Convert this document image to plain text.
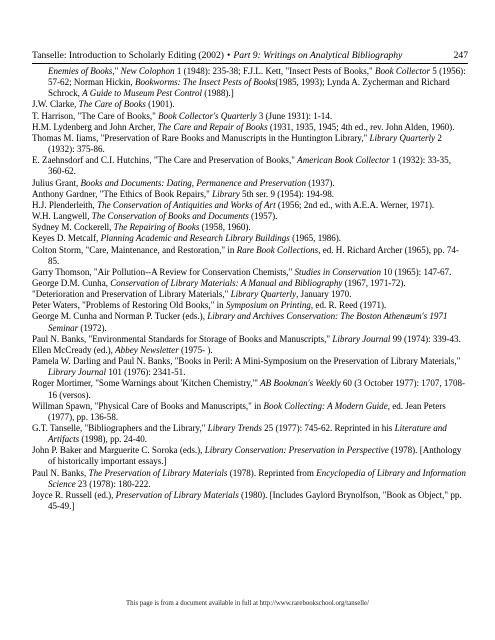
Tanselle: Introduction to Scholarly Editing (2002) • Part 9: Writings on Analytical Bibliography	247

Enemies of Books," New Colophon 1 (1948): 235-38; F.J.L. Kett, "Insect Pests of Books," Book Collector 5 (1956): 57-62; Norman Hickin, Bookworms: The Insect Pests of Books(1985, 1993); Lynda A. Zycherman and Richard Schrock, A Guide to Museum Pest Control (1988).]

J.W. Clarke, The Care of Books (1901).

T. Harrison, "The Care of Books," Book Collector's Quarterly 3 (June 1931): 1-14.

H.M. Lydenberg and John Archer, The Care and Repair of Books (1931, 1935, 1945; 4th ed., rev. John Alden, 1960).

Thomas M. Iiams, "Preservation of Rare Books and Manuscripts in the Huntington Library," Library Quarterly 2 (1932): 375-86.

E. Zaehnsdorf and C.I. Hutchins, "The Care and Preservation of Books," American Book Collector 1 (1932): 33-35, 360-62.

Julius Grant, Books and Documents: Dating, Permanence and Preservation (1937).

Anthony Gardner, "The Ethics of Book Repairs," Library 5th ser. 9 (1954): 194-98.

H.J. Plenderleith, The Conservation of Antiquities and Works of Art (1956; 2nd ed., with A.E.A. Werner, 1971).

W.H. Langwell, The Conservation of Books and Documents (1957).

Sydney M. Cockerell, The Repairing of Books (1958, 1960).

Keyes D. Metcalf, Planning Academic and Research Library Buildings (1965, 1986).

Colton Storm, "Care, Maintenance, and Restoration," in Rare Book Collections, ed. H. Richard Archer (1965), pp. 74-85.

Garry Thomson, "Air Pollution--A Review for Conservation Chemists," Studies in Conservation 10 (1965): 147-67.

George D.M. Cunha, Conservation of Library Materials: A Manual and Bibliography (1967, 1971-72).

"Deterioration and Preservation of Library Materials," Library Quarterly, January 1970.

Peter Waters, "Problems of Restoring Old Books," in Symposium on Printing, ed. R. Reed (1971).

George M. Cunha and Norman P. Tucker (eds.), Library and Archives Conservation: The Boston Athenæum's 1971 Seminar (1972).

Paul N. Banks, "Environmental Standards for Storage of Books and Manuscripts," Library Journal 99 (1974): 339-43.

Ellen McCready (ed.), Abbey Newsletter (1975- ).

Pamela W. Darling and Paul N. Banks, "Books in Peril: A Mini-Symposium on the Preservation of Library Materials," Library Journal 101 (1976): 2341-51.

Roger Mortimer, "Some Warnings about 'Kitchen Chemistry,'" AB Bookman's Weekly 60 (3 October 1977): 1707, 1708-16 (versos).

Willman Spawn, "Physical Care of Books and Manuscripts," in Book Collecting: A Modern Guide, ed. Jean Peters (1977), pp. 136-58.

G.T. Tanselle, "Bibliographers and the Library," Library Trends 25 (1977): 745-62. Reprinted in his Literature and Artifacts (1998), pp. 24-40.

John P. Baker and Marguerite C. Soroka (eds.), Library Conservation: Preservation in Perspective (1978). [Anthology of historically important essays.]

Paul N. Banks, The Preservation of Library Materials (1978). Reprinted from Encyclopedia of Library and Information Science 23 (1978): 180-222.

Joyce R. Russell (ed.), Preservation of Library Materials (1980). [Includes Gaylord Brynolfson, "Book as Object," pp. 45-49.]

This page is from a document available in full at http://www.rarebookschool.org/tanselle/
